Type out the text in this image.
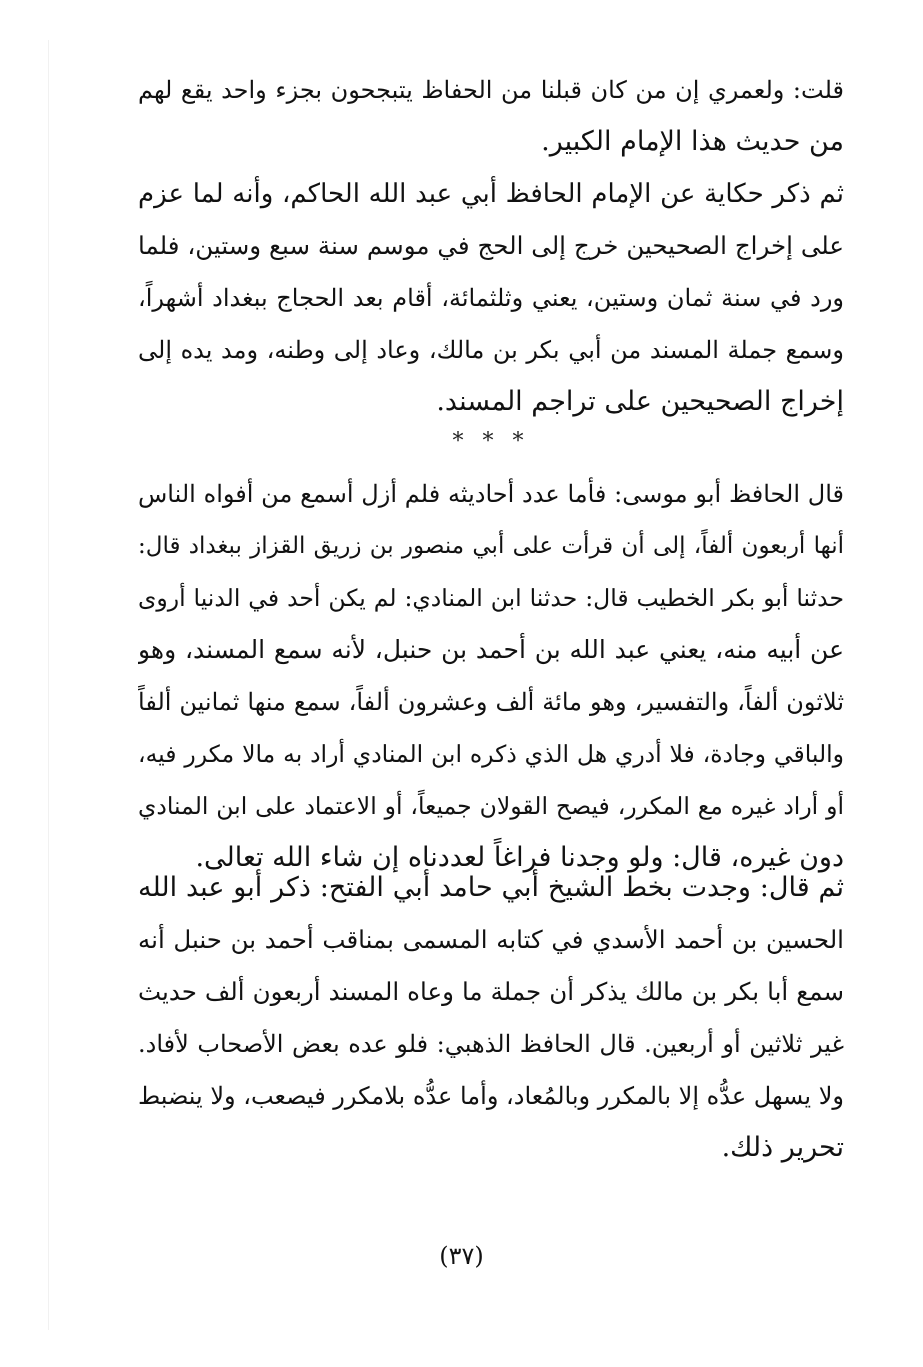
قلت: ولعمري إن من كان قبلنا من الحفاظ يتبجحون بجزء واحد يقع لهم
من حديث هذا الإمام الكبير.
ثم ذكر حكاية عن الإمام الحافظ أبي عبد الله الحاكم، وأنه لما عزم
على إخراج الصحيحين خرج إلى الحج في موسم سنة سبع وستين، فلما
ورد في سنة ثمان وستين، يعني وثلثمائة، أقام بعد الحجاج ببغداد أشهراً،
وسمع جملة المسند من أبي بكر بن مالك، وعاد إلى وطنه، ومد يده إلى
إخراج الصحيحين على تراجم المسند.
* * *
قال الحافظ أبو موسى: فأما عدد أحاديثه فلم أزل أسمع من أفواه الناس
أنها أربعون ألفاً، إلى أن قرأت على أبي منصور بن زريق القزاز ببغداد قال:
حدثنا أبو بكر الخطيب قال: حدثنا ابن المنادي: لم يكن أحد في الدنيا أروى
عن أبيه منه، يعني عبد الله بن أحمد بن حنبل، لأنه سمع المسند، وهو
ثلاثون ألفاً، والتفسير، وهو مائة ألف وعشرون ألفاً، سمع منها ثمانين ألفاً
والباقي وجادة، فلا أدري هل الذي ذكره ابن المنادي أراد به مالا مكرر فيه،
أو أراد غيره مع المكرر، فيصح القولان جميعاً، أو الاعتماد على ابن المنادي
دون غيره، قال: ولو وجدنا فراغاً لعددناه إن شاء الله تعالى.
ثم قال: وجدت بخط الشيخ أبي حامد أبي الفتح: ذكر أبو عبد الله
الحسين بن أحمد الأسدي في كتابه المسمى بمناقب أحمد بن حنبل أنه
سمع أبا بكر بن مالك يذكر أن جملة ما وعاه المسند أربعون ألف حديث
غير ثلاثين أو أربعين. قال الحافظ الذهبي: فلو عده بعض الأصحاب لأفاد.
ولا يسهل عدُّه إلا بالمكرر وبالمُعاد، وأما عدُّه بلامكرر فيصعب، ولا ينضبط
تحرير ذلك.
(٣٧)
